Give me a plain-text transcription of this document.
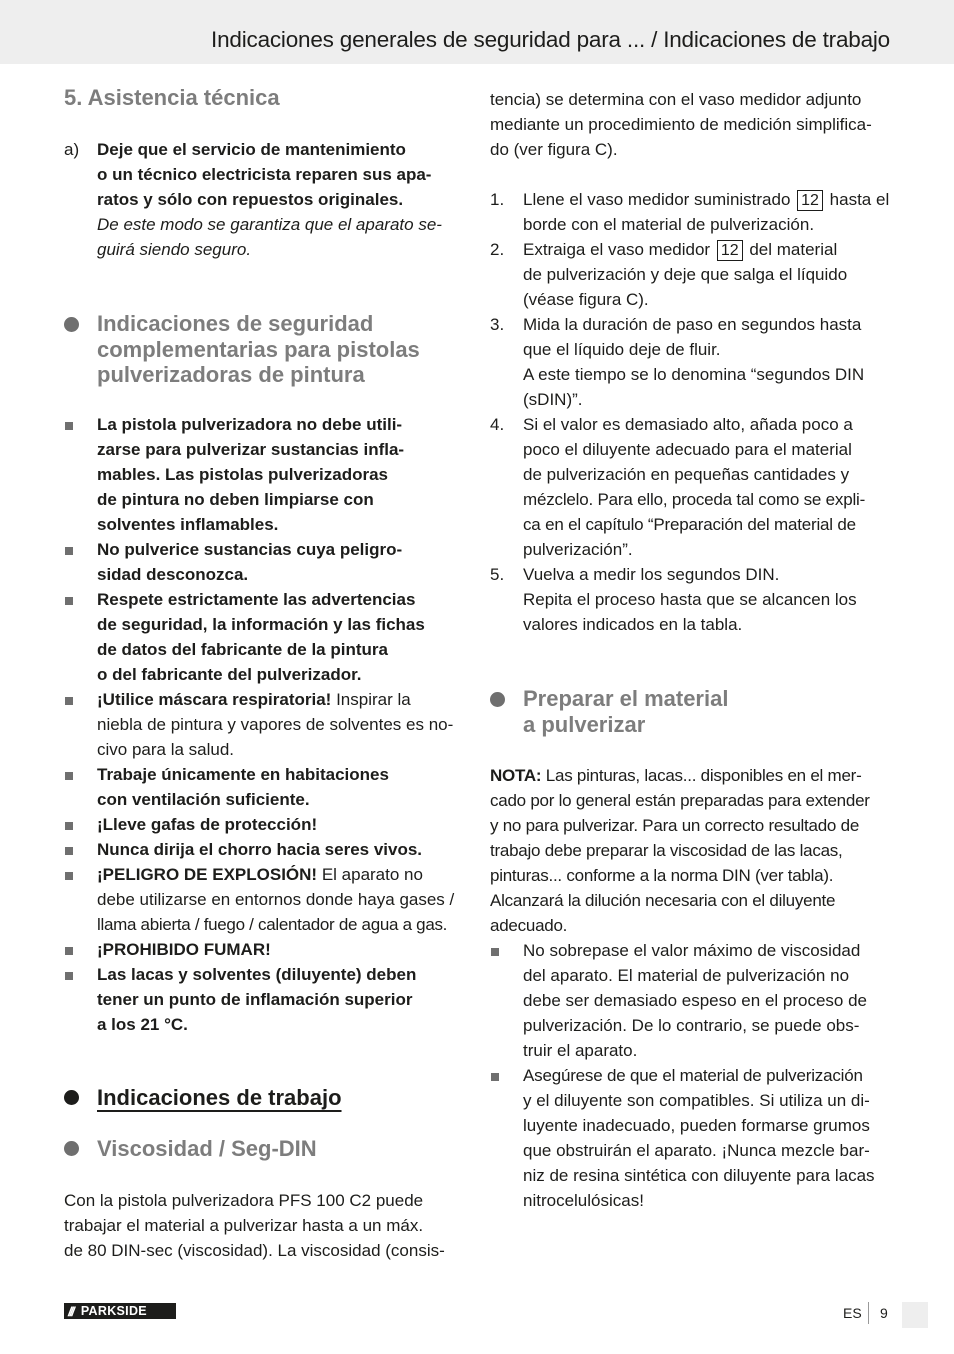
Indicaciones generales de seguridad para ... / Indicaciones de trabajo
5. Asistencia técnica
a) Deje que el servicio de mantenimiento
o un técnico electricista reparen sus apa-
ratos y sólo con repuestos originales.
De este modo se garantiza que el aparato se-
guirá siendo seguro.
Indicaciones de seguridad
complementarias para pistolas
pulverizadoras de pintura
La pistola pulverizadora no debe utili-
zarse para pulverizar sustancias infla-
mables. Las pistolas pulverizadoras
de pintura no deben limpiarse con
solventes inflamables.
No pulverice sustancias cuya peligro-
sidad desconozca.
Respete estrictamente las advertencias
de seguridad, la información y las fichas
de datos del fabricante de la pintura
o del fabricante del pulverizador.
¡Utilice máscara respiratoria! Inspirar la
niebla de pintura y vapores de solventes es no-
civo para la salud.
Trabaje únicamente en habitaciones
con ventilación suficiente.
¡Lleve gafas de protección!
Nunca dirija el chorro hacia seres vivos.
¡PELIGRO DE EXPLOSIÓN! El aparato no
debe utilizarse en entornos donde haya gases /
llama abierta / fuego / calentador de agua a gas.
¡PROHIBIDO FUMAR!
Las lacas y solventes (diluyente) deben
tener un punto de inflamación superior
a los 21 °C.
Indicaciones de trabajo
Viscosidad / Seg-DIN
Con la pistola pulverizadora PFS 100 C2 puede
trabajar el material a pulverizar hasta a un máx.
de 80 DIN-sec (viscosidad). La viscosidad (consis-
tencia) se determina con el vaso medidor adjunto
mediante un procedimiento de medición simplifica-
do (ver figura C).
1. Llene el vaso medidor suministrado 12 hasta el
borde con el material de pulverización.
2. Extraiga el vaso medidor 12 del material
de pulverización y deje que salga el líquido
(véase figura C).
3. Mida la duración de paso en segundos hasta
que el líquido deje de fluir.
A este tiempo se lo denomina “segundos DIN
(sDIN)”.
4. Si el valor es demasiado alto, añada poco a
poco el diluyente adecuado para el material
de pulverización en pequeñas cantidades y
mézclelo. Para ello, proceda tal como se expli-
ca en el capítulo “Preparación del material de
pulverización”.
5. Vuelva a medir los segundos DIN.
Repita el proceso hasta que se alcancen los
valores indicados en la tabla.
Preparar el material
a pulverizar
NOTA: Las pinturas, lacas... disponibles en el mer-
cado por lo general están preparadas para extender
y no para pulverizar. Para un correcto resultado de
trabajo debe preparar la viscosidad de las lacas,
pinturas... conforme a la norma DIN (ver tabla).
Alcanzará la dilución necesaria con el diluyente
adecuado.
No sobrepase el valor máximo de viscosidad
del aparato. El material de pulverización no
debe ser demasiado espeso en el proceso de
pulverización. De lo contrario, se puede obs-
truir el aparato.
Asegúrese de que el material de pulverización
y el diluyente son compatibles. Si utiliza un di-
luyente inadecuado, pueden formarse grumos
que obstruirán el aparato. ¡Nunca mezcle bar-
niz de resina sintética con diluyente para lacas
nitrocelulósicas!
/// PARKSIDE	ES 9
